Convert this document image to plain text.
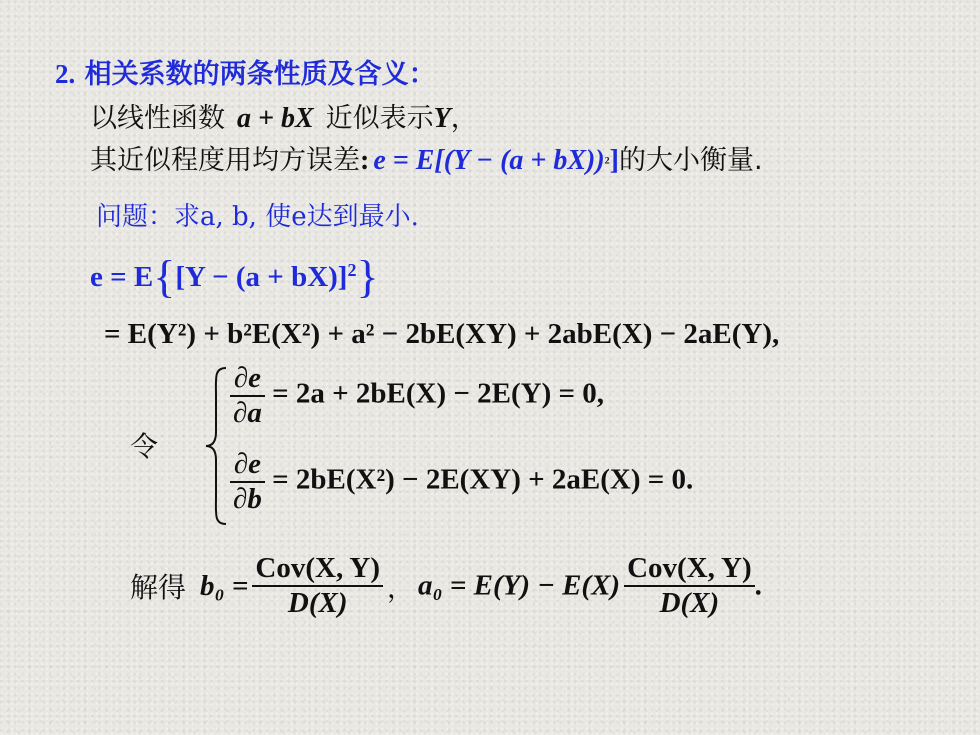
2. 相关系数的两条性质及含义：
以线性函数 a + bX 近似表示Y，
其近似程度用均方误差: $e = E[(Y - (a + bX))^2]$的大小衡量.
问题：求a, b, 使e达到最小.
$e = E\{[Y - (a + bX)]^2\}$
= E(Y²) + b²E(X²) + a² − 2bE(XY) + 2abE(X) − 2aE(Y),
令
$\frac{\partial e}{\partial a} = 2a + 2bE(X) - 2E(Y) = 0$,
$\frac{\partial e}{\partial b} = 2bE(X^2) - 2E(XY) + 2aE(X) = 0$.
解得 $b_0 = \frac{\text{Cov(X, Y)}}{D(X)}$ ， $a_0 = E(Y) - E(X) \frac{\text{Cov(X, Y)}}{D(X)}$ .
